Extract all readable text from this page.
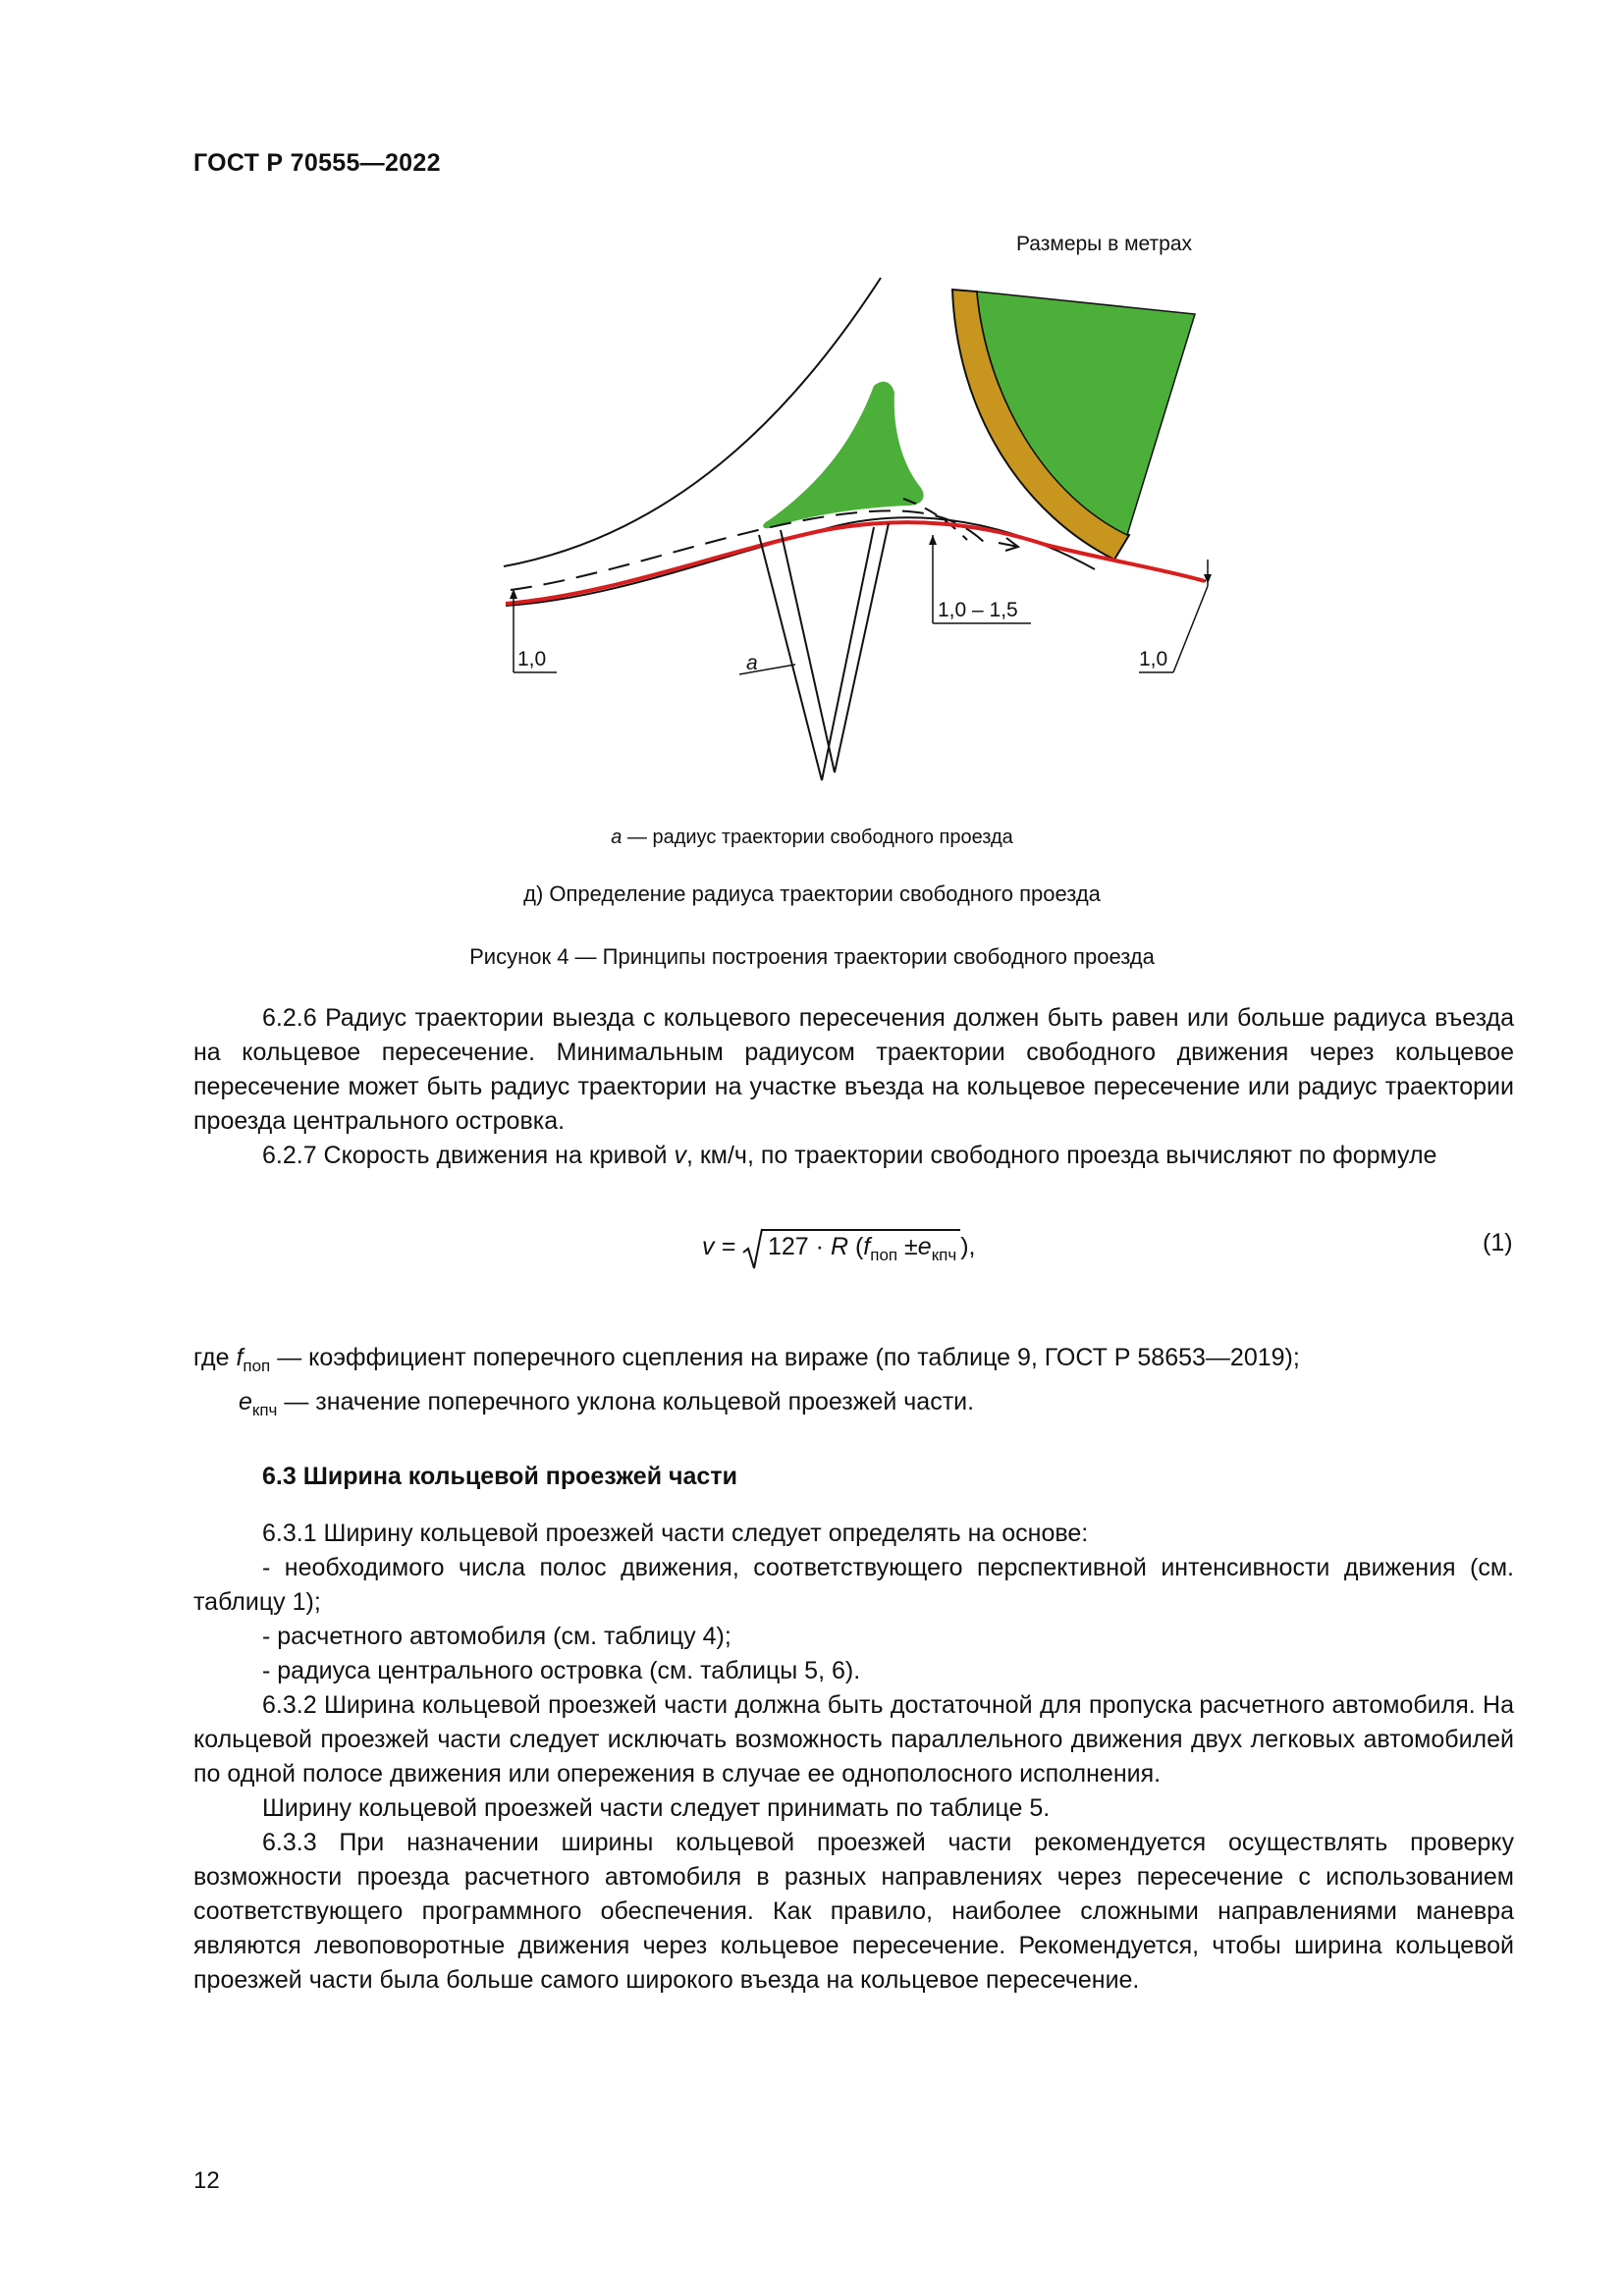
ГОСТ Р 70555—2022
Размеры в метрах
а
1,0
1,0 – 1,5
1,0
а — радиус траектории свободного проезда
д) Определение радиуса траектории свободного проезда
Рисунок 4 — Принципы построения траектории свободного проезда

6.2.6 Радиус траектории выезда с кольцевого пересечения должен быть равен или больше радиуса въезда на кольцевое пересечение. Минимальным радиусом траектории свободного движения через кольцевое пересечение может быть радиус траектории на участке въезда на кольцевое пересечение или радиус траектории проезда центрального островка.

6.2.7 Скорость движения на кривой v, км/ч, по траектории свободного проезда вычисляют по формуле

v = 127 · R ($f_{поп} \pm e_{кпч}$ ),	(1)
где $f_{поп}$ — коэффициент поперечного сцепления на вираже (по таблице 9, ГОСТ Р 58653—2019);
$e_{кпч}$ — значение поперечного уклона кольцевой проезжей части.
6.3 Ширина кольцевой проезжей части

6.3.1 Ширину кольцевой проезжей части следует определять на основе:

- необходимого числа полос движения, соответствующего перспективной интенсивности движения (см. таблицу 1);

- расчетного автомобиля (см. таблицу 4);

- радиуса центрального островка (см. таблицы 5, 6).

6.3.2 Ширина кольцевой проезжей части должна быть достаточной для пропуска расчетного автомобиля. На кольцевой проезжей части следует исключать возможность параллельного движения двух легковых автомобилей по одной полосе движения или опережения в случае ее однополосного исполнения.

Ширину кольцевой проезжей части следует принимать по таблице 5.

6.3.3 При назначении ширины кольцевой проезжей части рекомендуется осуществлять проверку возможности проезда расчетного автомобиля в разных направлениях через пересечение с использованием соответствующего программного обеспечения. Как правило, наиболее сложными направлениями маневра являются левоповоротные движения через кольцевое пересечение. Рекомендуется, чтобы ширина кольцевой проезжей части была больше самого широкого въезда на кольцевое пересечение.

12
